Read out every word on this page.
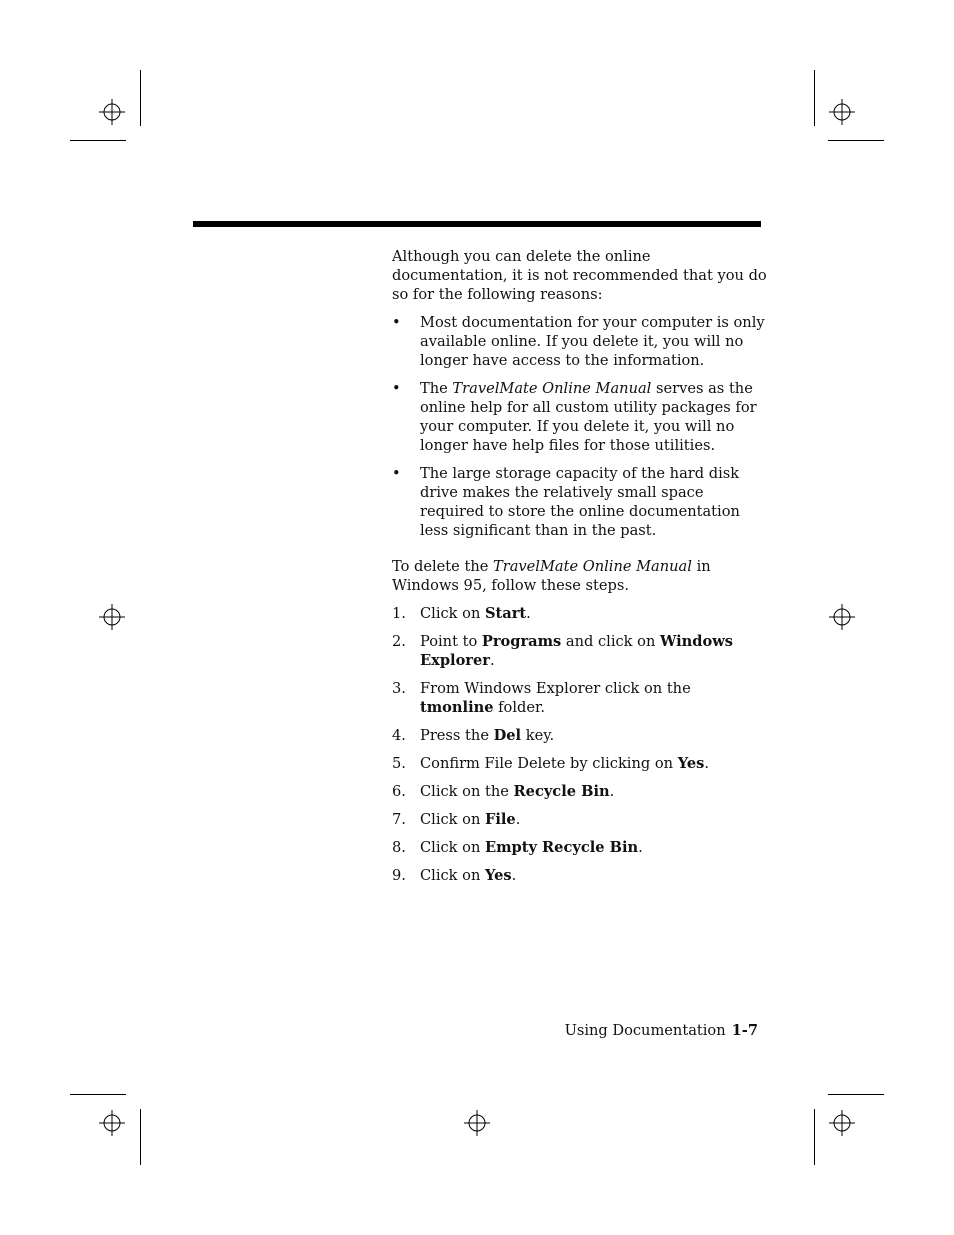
Although you can delete the online documentation, it is not recommended that you do so for the following reasons:

• Most documentation for your computer is only available online. If you delete it, you will no longer have access to the information.
• The TravelMate Online Manual serves as the online help for all custom utility packages for your computer. If you delete it, you will no longer have help files for those utilities.
• The large storage capacity of the hard disk drive makes the relatively small space required to store the online documentation less significant than in the past.

To delete the TravelMate Online Manual in Windows 95, follow these steps.

1. Click on Start.
2. Point to Programs and click on Windows Explorer.
3. From Windows Explorer click on the tmonline folder.
4. Press the Del key.
5. Confirm File Delete by clicking on Yes.
6. Click on the Recycle Bin.
7. Click on File.
8. Click on Empty Recycle Bin.
9. Click on Yes.
Using Documentation 1-7
